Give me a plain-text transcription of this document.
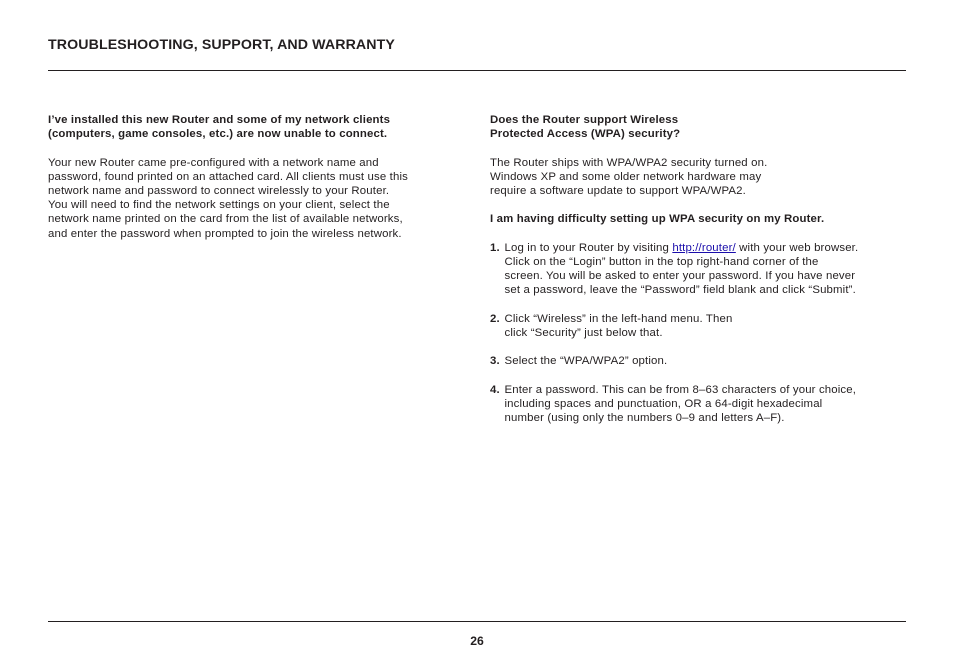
TROUBLESHOOTING, SUPPORT, AND WARRANTY
I’ve installed this new Router and some of my network clients
(computers, game consoles, etc.) are now unable to connect.
Your new Router came pre-configured with a network name and
password, found printed on an attached card. All clients must use this
network name and password to connect wirelessly to your Router.
You will need to find the network settings on your client, select the
network name printed on the card from the list of available networks,
and enter the password when prompted to join the wireless network.
Does the Router support Wireless
Protected Access (WPA) security?
The Router ships with WPA/WPA2 security turned on.
Windows XP and some older network hardware may
require a software update to support WPA/WPA2.
I am having difficulty setting up WPA security on my Router.
1. Log in to your Router by visiting http://router/ with your web browser.
Click on the “Login” button in the top right-hand corner of the
screen. You will be asked to enter your password. If you have never
set a password, leave the “Password” field blank and click “Submit”.
2. Click “Wireless” in the left-hand menu. Then
click “Security” just below that.
3. Select the “WPA/WPA2” option.
4. Enter a password. This can be from 8–63 characters of your choice,
including spaces and punctuation, OR a 64-digit hexadecimal
number (using only the numbers 0–9 and letters A–F).
26
